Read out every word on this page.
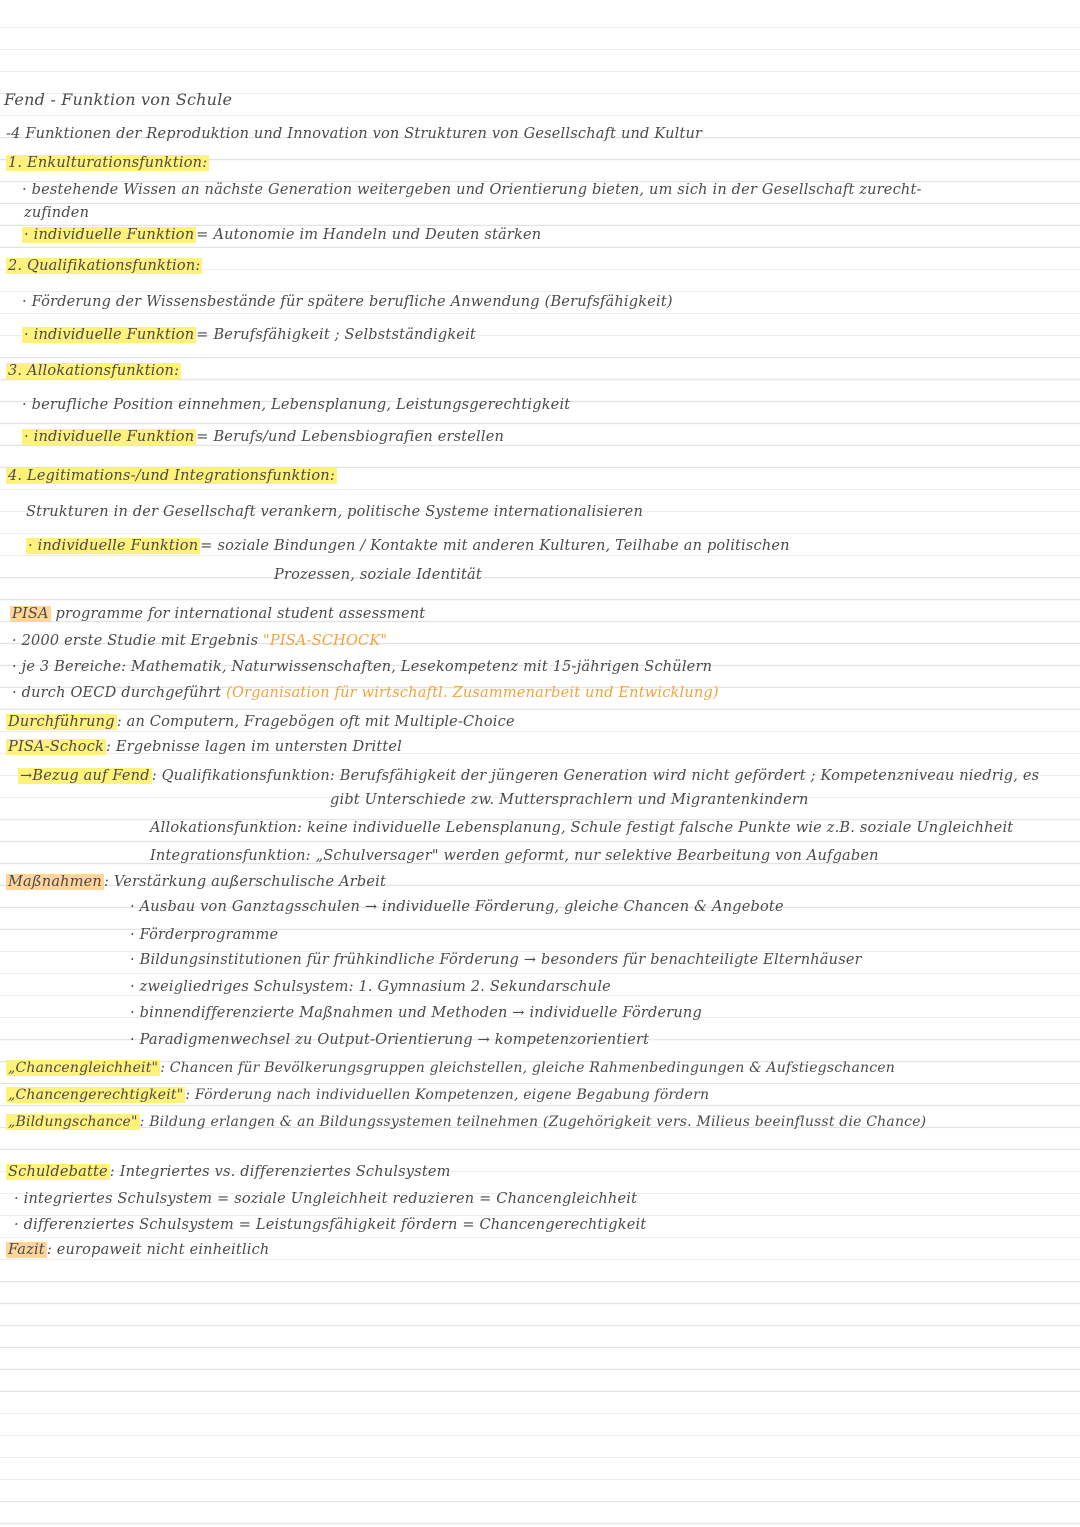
Fend - Funktion von Schule
-4 Funktionen der Reproduktion und Innovation von Strukturen von Gesellschaft und Kultur
1. Enkulturationsfunktion:
· bestehende Wissen an nächste Generation weitergeben und Orientierung bieten, um sich in der Gesellschaft zurecht-
zufinden
· individuelle Funktion = Autonomie im Handeln und Deuten stärken
2. Qualifikationsfunktion:
· Förderung der Wissensbestände für spätere berufliche Anwendung (Berufsfähigkeit)
· individuelle Funktion = Berufsfähigkeit ; Selbstständigkeit
3. Allokationsfunktion:
· berufliche Position einnehmen, Lebensplanung, Leistungsgerechtigkeit
· individuelle Funktion = Berufs/und Lebensbiografien erstellen
4. Legitimations-/und Integrationsfunktion:
Strukturen in der Gesellschaft verankern, politische Systeme internationalisieren
· individuelle Funktion = soziale Bindungen / Kontakte mit anderen Kulturen, Teilhabe an politischen
Prozessen, soziale Identität
PISA programme for international student assessment
· 2000 erste Studie mit Ergebnis "PISA-SCHOCK"
· je 3 Bereiche: Mathematik, Naturwissenschaften, Lesekompetenz mit 15-jährigen Schülern
· durch OECD durchgeführt (Organisation für wirtschaftl. Zusammenarbeit und Entwicklung)
Durchführung : an Computern, Fragebögen oft mit Multiple-Choice
PISA-Schock : Ergebnisse lagen im untersten Drittel
→Bezug auf Fend : Qualifikationsfunktion: Berufsfähigkeit der jüngeren Generation wird nicht gefördert ; Kompetenzniveau niedrig, es
gibt Unterschiede zw. Muttersprachlern und Migrantenkindern
Allokationsfunktion: keine individuelle Lebensplanung, Schule festigt falsche Punkte wie z.B. soziale Ungleichheit
Integrationsfunktion: „Schulversager" werden geformt, nur selektive Bearbeitung von Aufgaben
Maßnahmen : Verstärkung außerschulische Arbeit
· Ausbau von Ganztagsschulen → individuelle Förderung, gleiche Chancen & Angebote
· Förderprogramme
· Bildungsinstitutionen für frühkindliche Förderung → besonders für benachteiligte Elternhäuser
· zweigliedriges Schulsystem: 1. Gymnasium 2. Sekundarschule
· binnendifferenzierte Maßnahmen und Methoden → individuelle Förderung
· Paradigmenwechsel zu Output-Orientierung → kompetenzorientiert
„Chancengleichheit" : Chancen für Bevölkerungsgruppen gleichstellen, gleiche Rahmenbedingungen & Aufstiegschancen
„Chancengerechtigkeit" : Förderung nach individuellen Kompetenzen, eigene Begabung fördern
„Bildungschance" : Bildung erlangen & an Bildungssystemen teilnehmen (Zugehörigkeit vers. Milieus beeinflusst die Chance)
Schuldebatte : Integriertes vs. differenziertes Schulsystem
· integriertes Schulsystem = soziale Ungleichheit reduzieren = Chancengleichheit
· differenziertes Schulsystem = Leistungsfähigkeit fördern = Chancengerechtigkeit
Fazit : europaweit nicht einheitlich
